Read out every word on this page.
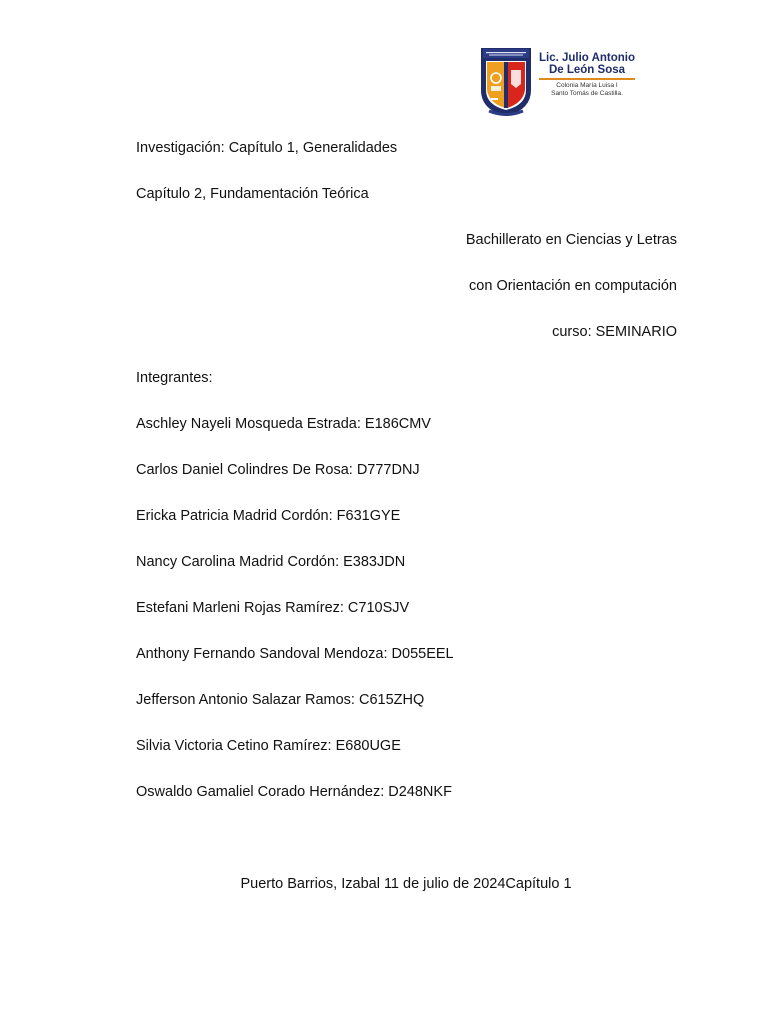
Lic. Julio Antonio
De León Sosa
Colonia María Luisa I
Santo Tomás de Castilla.
Investigación: Capítulo 1, Generalidades
Capítulo 2, Fundamentación Teórica
Bachillerato en Ciencias y Letras
con Orientación en computación
curso: SEMINARIO
Integrantes:
Aschley Nayeli Mosqueda Estrada: E186CMV
Carlos Daniel Colindres De Rosa: D777DNJ
Ericka Patricia Madrid Cordón: F631GYE
Nancy Carolina Madrid Cordón: E383JDN
Estefani Marleni Rojas Ramírez: C710SJV
Anthony Fernando Sandoval Mendoza: D055EEL
Jefferson Antonio Salazar Ramos: C615ZHQ
Silvia Victoria Cetino Ramírez: E680UGE
Oswaldo Gamaliel Corado Hernández: D248NKF
Puerto Barrios, Izabal 11 de julio de 2024Capítulo 1
